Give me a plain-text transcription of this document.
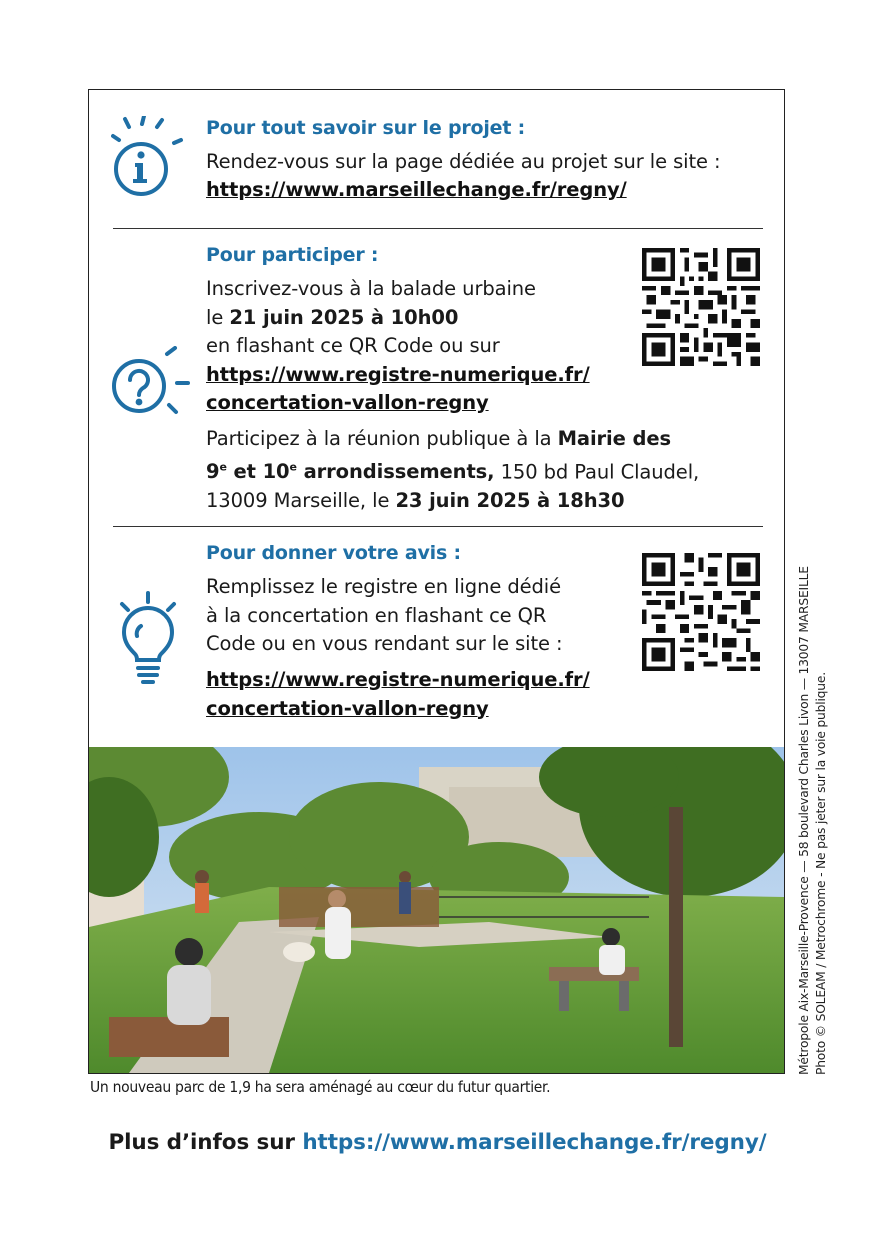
Pour tout savoir sur le projet :
Rendez-vous sur la page dédiée au projet sur le site :
https://www.marseillechange.fr/regny/
Pour participer :
Inscrivez-vous à la balade urbaine
le 21 juin 2025 à 10h00
en flashant ce QR Code ou sur
https://www.registre-numerique.fr/
concertation-vallon-regny
Participez à la réunion publique à la Mairie des
9e et 10e arrondissements, 150 bd Paul Claudel,
13009 Marseille, le 23 juin 2025 à 18h30
Pour donner votre avis :
Remplissez le registre en ligne dédié
à la concertation en flashant ce QR
Code ou en vous rendant sur le site :
https://www.registre-numerique.fr/
concertation-vallon-regny
Un nouveau parc de 1,9 ha sera aménagé au cœur du futur quartier.
Plus d’infos sur https://www.marseillechange.fr/regny/
Métropole Aix-Marseille-Provence — 58 boulevard Charles Livon — 13007 MARSEILLE Photo © SOLEAM / Metrochrome - Ne pas jeter sur la voie publique.
